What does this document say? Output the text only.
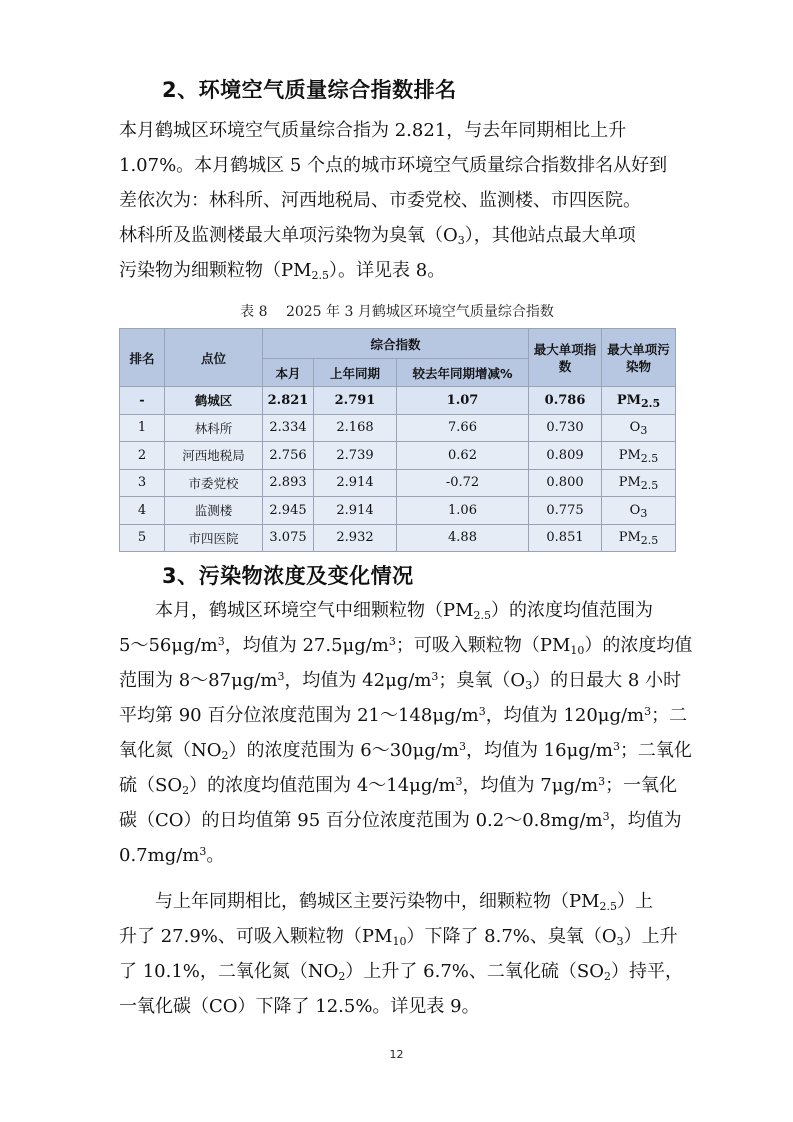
2、环境空气质量综合指数排名

本月鹤城区环境空气质量综合指为 2.821，与去年同期相比上升
1.07%。本月鹤城区 5 个点的城市环境空气质量综合指数排名从好到
差依次为：林科所、河西地税局、市委党校、监测楼、市四医院。
林科所及监测楼最大单项污染物为臭氧$(O_3)$，其他站点最大单项
污染物为细颗粒物$(PM_{2.5})$。详见表 8。

表 8　 2025 年 3 月鹤城区环境空气质量综合指数

排名	点位	综合指数			最大单项指数	最大单项污染物
		本月	上年同期	较去年同期增减%		
-	鹤城区	2.821	2.791	1.07	0.786	$PM_{2.5}$
1	林科所	2.334	2.168	7.66	0.730	$O_3$
2	河西地税局	2.756	2.739	0.62	0.809	$PM_{2.5}$
3	市委党校	2.893	2.914	-0.72	0.800	$PM_{2.5}$
4	监测楼	2.945	2.914	1.06	0.775	$O_3$
5	市四医院	3.075	2.932	4.88	0.851	$PM_{2.5}$
3、污染物浓度及变化情况

　　本月，鹤城区环境空气中细颗粒物$(PM_{2.5})$的浓度均值范围为
$5\sim 56\mu g/m^3$，均值为 $27.5\mu g/m^3$；可吸入颗粒物$(PM_{10})$的浓度均值
范围为 $8\sim 87\mu g/m^3$，均值为 $42\mu g/m^3$；臭氧$(O_3)$的日最大 8 小时
平均第 90 百分位浓度范围为 $21\sim 148\mu g/m^3$，均值为 $120\mu g/m^3$；二
氧化氮$(NO_2)$的浓度范围为 $6\sim 30\mu g/m^3$，均值为 $16\mu g/m^3$；二氧化
硫$(SO_2)$的浓度均值范围为 $4\sim 14\mu g/m^3$，均值为 $7\mu g/m^3$；一氧化
碳（CO）的日均值第 95 百分位浓度范围为 $0.2\sim 0.8mg/m^3$，均值为
$0.7mg/m^3$。

　　与上年同期相比，鹤城区主要污染物中，细颗粒物$(PM_{2.5})$上
升了 27.9%、可吸入颗粒物$(PM_{10})$下降了 8.7%、臭氧$(O_3)$上升
了 10.1%，二氧化氮$(NO_2)$上升了 6.7%、二氧化硫$(SO_2)$持平，
一氧化碳（CO）下降了 12.5%。详见表 9。

12
